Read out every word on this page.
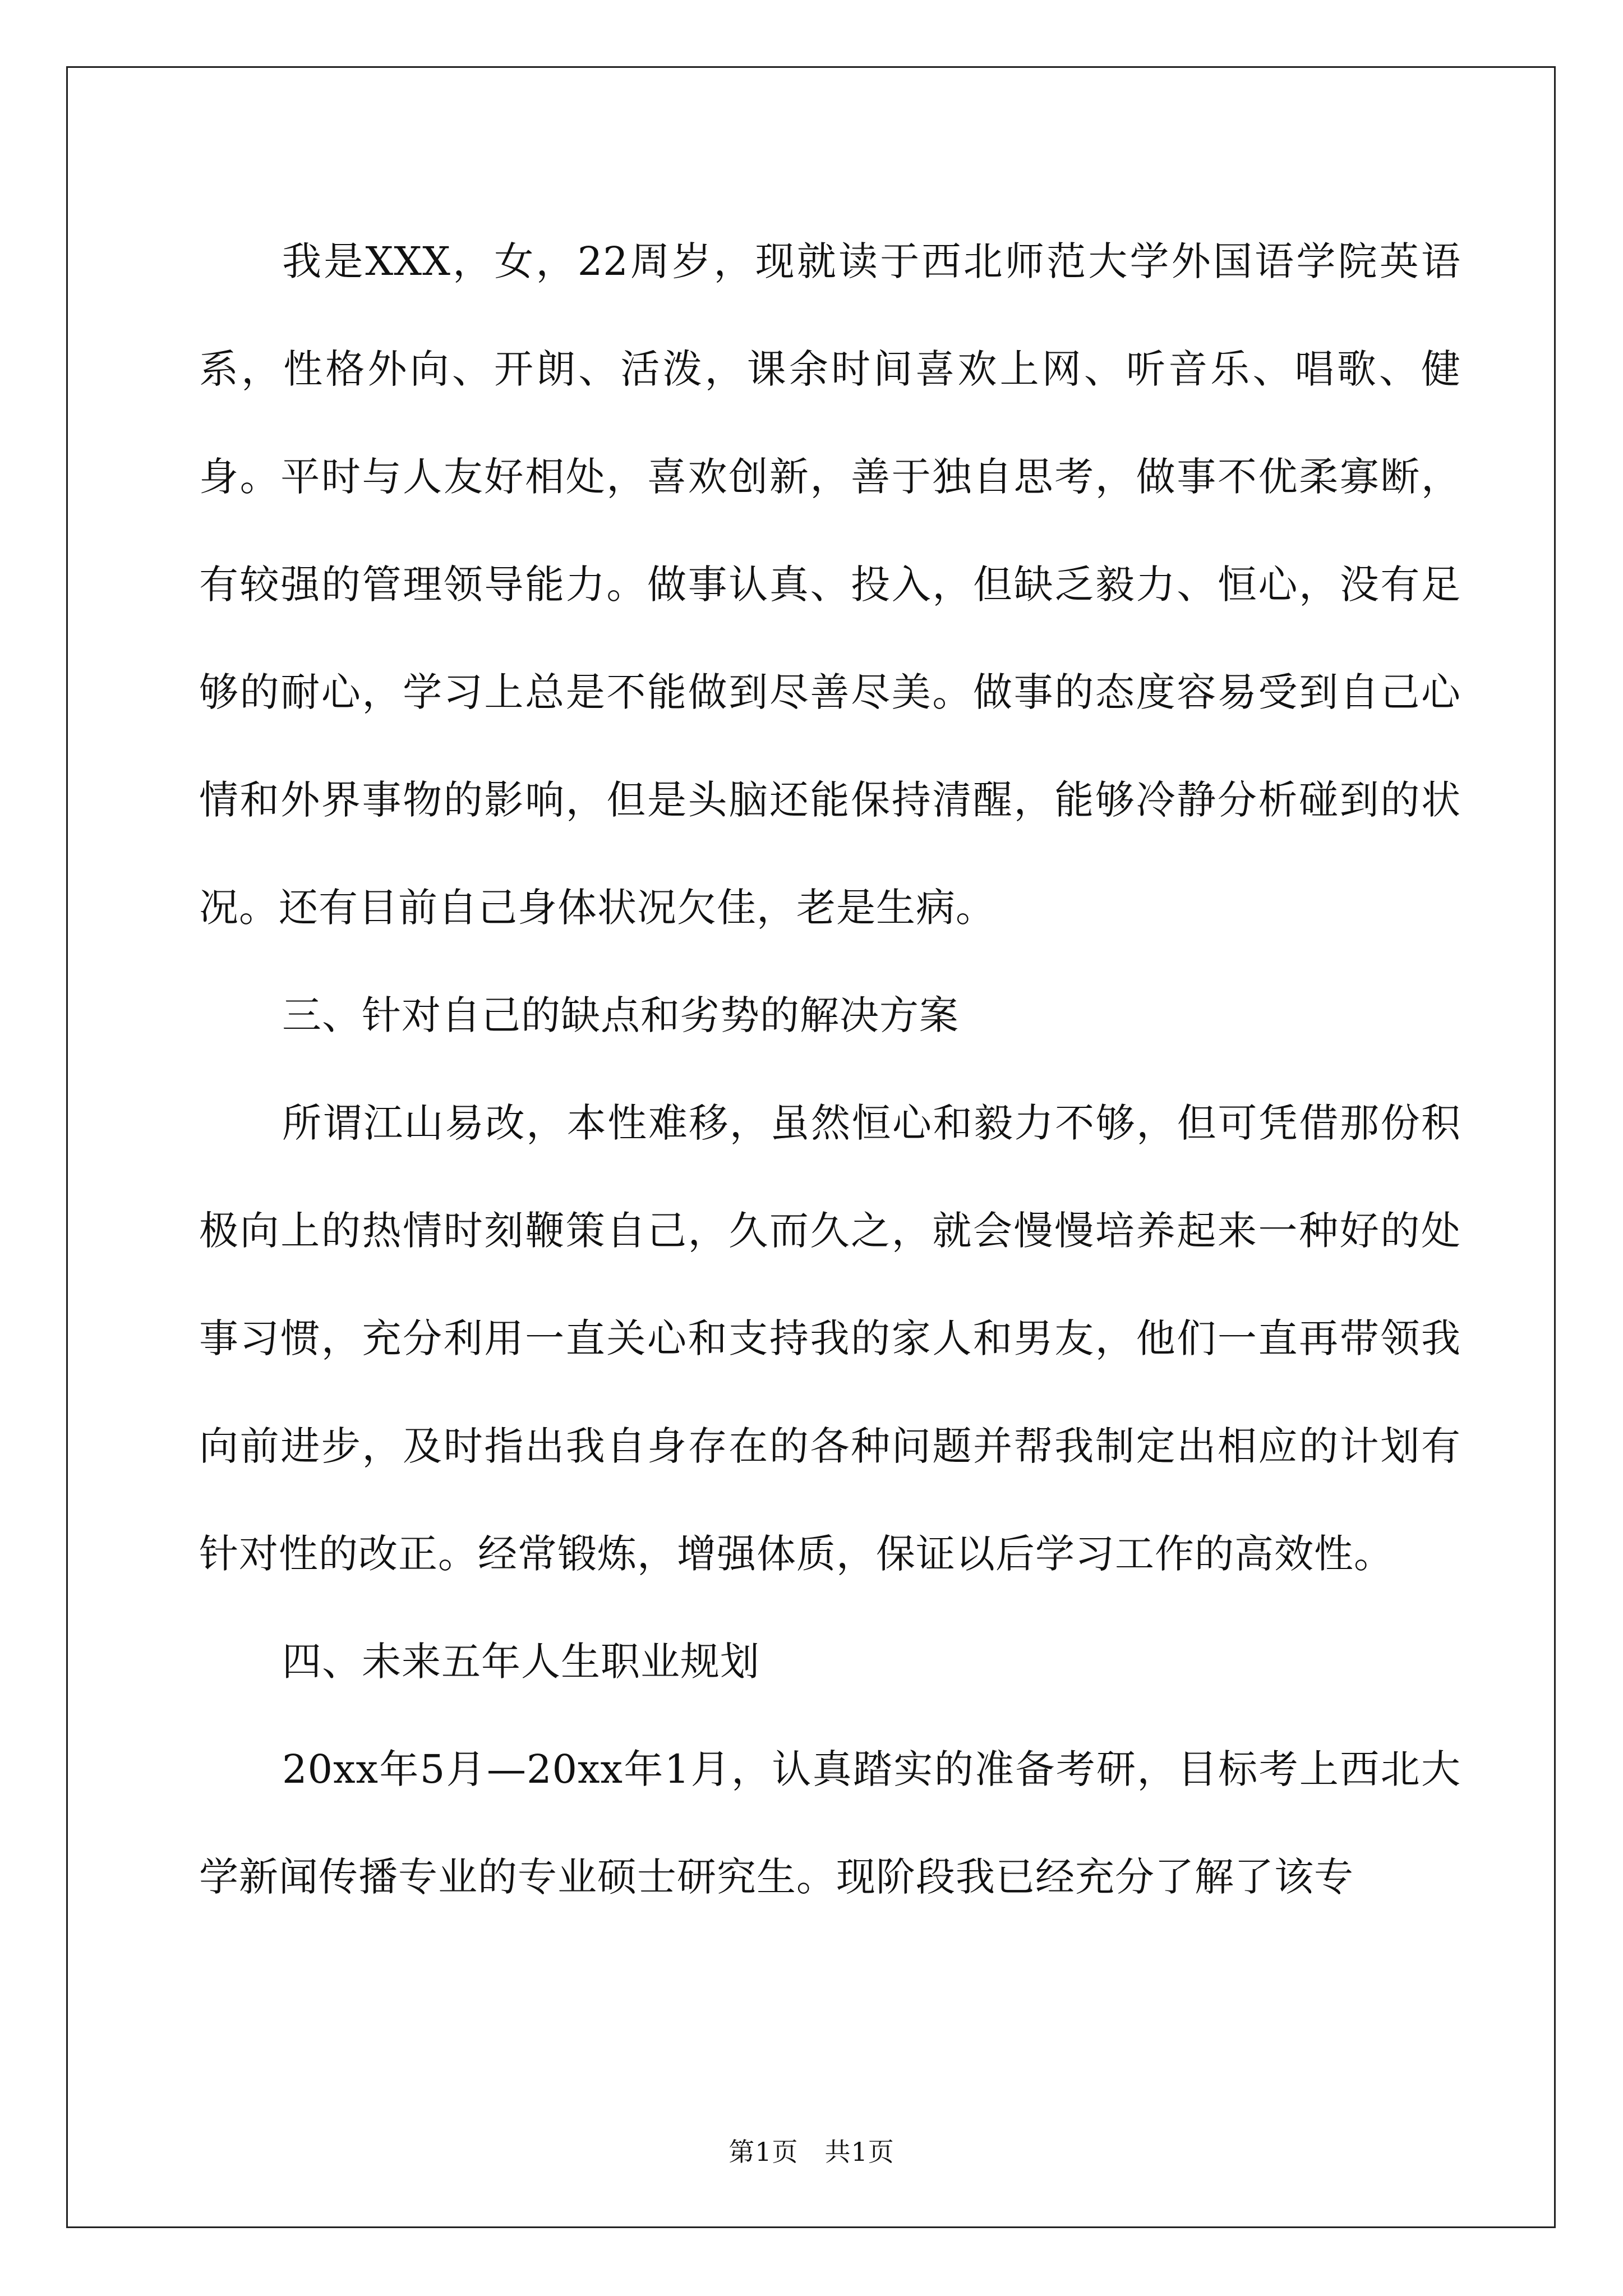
我是XXX，女，22周岁，现就读于西北师范大学外国语学院英语系，性格外向、开朗、活泼，课余时间喜欢上网、听音乐、唱歌、健身。平时与人友好相处，喜欢创新，善于独自思考，做事不优柔寡断，有较强的管理领导能力。做事认真、投入，但缺乏毅力、恒心，没有足够的耐心，学习上总是不能做到尽善尽美。做事的态度容易受到自己心情和外界事物的影响，但是头脑还能保持清醒，能够冷静分析碰到的状况。还有目前自己身体状况欠佳，老是生病。

三、针对自己的缺点和劣势的解决方案

所谓江山易改，本性难移，虽然恒心和毅力不够，但可凭借那份积极向上的热情时刻鞭策自己，久而久之，就会慢慢培养起来一种好的处事习惯，充分利用一直关心和支持我的家人和男友，他们一直再带领我向前进步，及时指出我自身存在的各种问题并帮我制定出相应的计划有针对性的改正。经常锻炼，增强体质，保证以后学习工作的高效性。

四、未来五年人生职业规划

20xx年5月—20xx年1月，认真踏实的准备考研，目标考上西北大学新闻传播专业的专业硕士研究生。现阶段我已经充分了解了该专

第1页　共1页
